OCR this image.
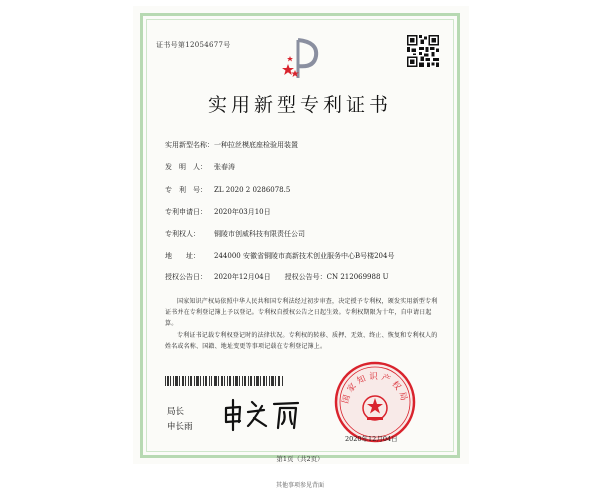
证书号第12054677号
实用新型专利证书
实用新型名称：一种拉丝模底座检验用装置
发　明　人： 张春涛
专　利　号： ZL 2020 2 0286078.5
专利申请日： 2020年03月10日
专利权人： 铜陵市创威科技有限责任公司
地　　址： 244000 安徽省铜陵市高新技术创业服务中心B号楼204号
授权公告日： 2020年12月04日　　授权公告号：CN 212069988 U
国家知识产权局依照中华人民共和国专利法经过初步审查，决定授予专利权，颁发实用新型专利证书并在专利登记簿上予以登记。专利权自授权公告之日起生效。专利权期限为十年，自申请日起算。
专利证书记载专利权登记时的法律状况。专利权的转移、质押、无效、终止、恢复和专利权人的姓名或名称、国籍、地址变更等事项记载在专利登记簿上。
局长
申长雨
国家知识产权局
2020年12月04日
第1页（共2页）
其他事项参见背面
